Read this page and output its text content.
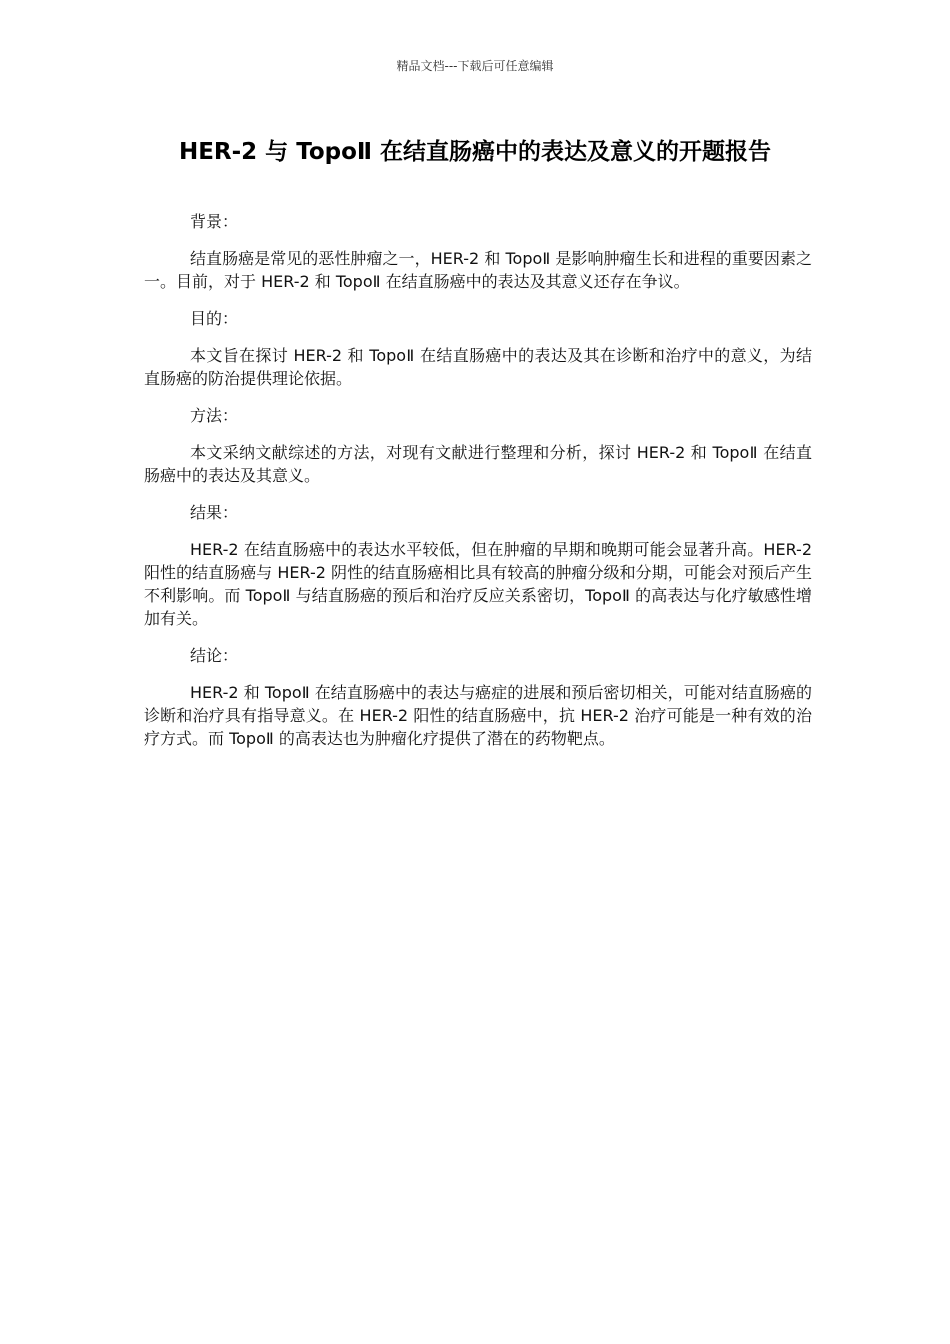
精品文档---下载后可任意编辑
HER-2 与 TopoⅡ 在结直肠癌中的表达及意义的开题报告

背景：

结直肠癌是常见的恶性肿瘤之一，HER-2 和 TopoⅡ 是影响肿瘤生长和进程的重要因素之一。目前，对于 HER-2 和 TopoⅡ 在结直肠癌中的表达及其意义还存在争议。

目的：

本文旨在探讨 HER-2 和 TopoⅡ 在结直肠癌中的表达及其在诊断和治疗中的意义，为结直肠癌的防治提供理论依据。

方法：

本文采纳文献综述的方法，对现有文献进行整理和分析，探讨 HER-2 和 TopoⅡ 在结直肠癌中的表达及其意义。

结果：

HER-2 在结直肠癌中的表达水平较低，但在肿瘤的早期和晚期可能会显著升高。HER-2 阳性的结直肠癌与 HER-2 阴性的结直肠癌相比具有较高的肿瘤分级和分期，可能会对预后产生不利影响。而 TopoⅡ 与结直肠癌的预后和治疗反应关系密切，TopoⅡ 的高表达与化疗敏感性增加有关。

结论：

HER-2 和 TopoⅡ 在结直肠癌中的表达与癌症的进展和预后密切相关，可能对结直肠癌的诊断和治疗具有指导意义。在 HER-2 阳性的结直肠癌中，抗 HER-2 治疗可能是一种有效的治疗方式。而 TopoⅡ 的高表达也为肿瘤化疗提供了潜在的药物靶点。
